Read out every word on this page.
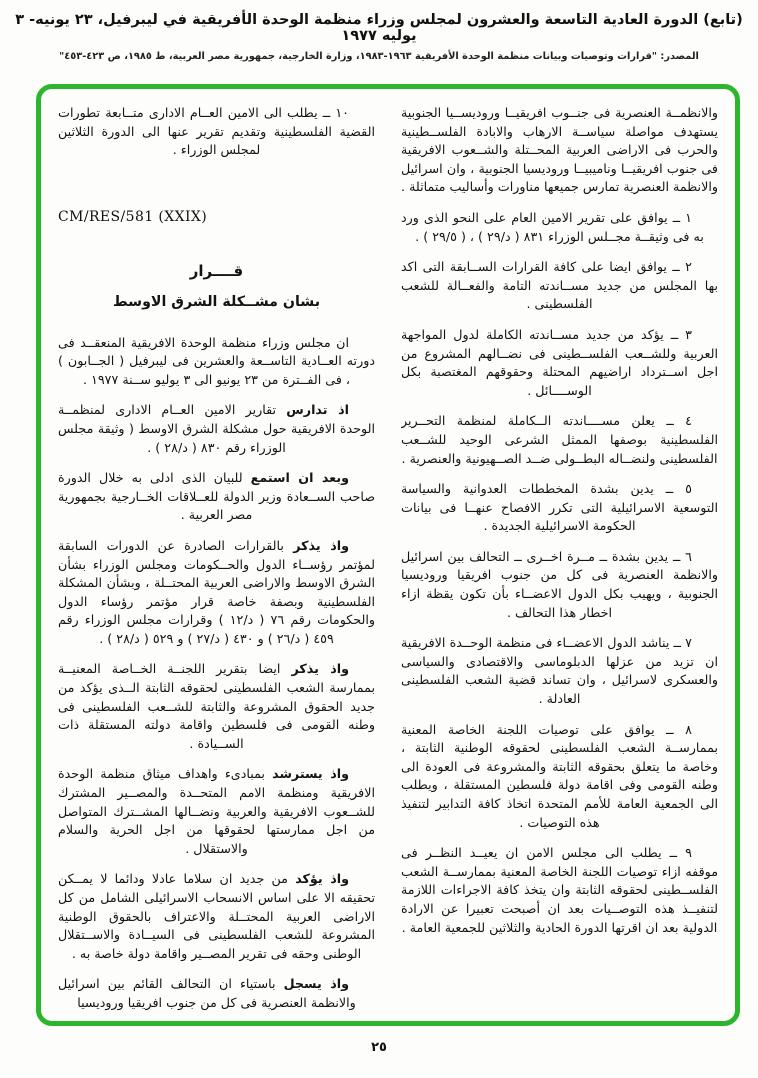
(تابع) الدورة العادية التاسعة والعشرون لمجلس وزراء منظمة الوحدة الأفريقية في ليبرفيل، ٢٣ يونيه- ٣ يوليه ١٩٧٧
المصدر: "قرارات وتوصيات وبيانات منظمة الوحدة الأفريقية ١٩٦٣-١٩٨٣، وزارة الخارجية، جمهورية مصر العربية، ط ١٩٨٥، ص ٤٢٣-٤٥٣"

والانظمــة العنصرية فى جنــوب افريقيــا وروديســيا الجنوبية يستهدف مواصلة سياســة الارهاب والابادة الفلســطينية والحرب فى الاراضى العربية المحــتلة والشــعوب الافريقية فى جنوب افريقيــا وناميبيــا وروديسيا الجنوبية ، وان اسرائيل والانظمة العنصرية تمارس جميعها مناورات وأساليب متماثلة .

١ ــ يوافق على تقرير الامين العام على النحو الذى ورد به فى وثيقــة مجــلس الوزراء ٨٣١ ( د/٢٩ ) ، ( ٢٩/٥ ) .

٢ ــ يوافق ايضا على كافة القرارات الســابقة التى اكد بها المجلس من جديد مســاندته التامة والفعــالة للشعب الفلسطينى .

٣ ــ يؤكد من جديد مســاندته الكاملة لدول المواجهة العربية وللشــعب الفلســطينى فى نضــالهم المشروع من اجل اســترداد اراضيهم المحتلة وحقوقهم المغتصبة بكل الوســــائل .

٤ ــ يعلن مســــاندته الــكاملة لمنظمة التحــرير الفلسطينية بوصفها الممثل الشرعى الوحيد للشــعب الفلسطينى ولنضــاله البطــولى ضــد الصــهيونية والعنصرية .

٥ ــ يدين بشدة المخططات العدوانية والسياسة التوسعية الاسرائيلية التى تكرر الافصاح عنهــا فى بيانات الحكومة الاسرائيلية الجديدة .

٦ ــ يدين بشدة ــ مــرة اخــرى ــ التحالف بين اسرائيل والانظمة العنصرية فى كل من جنوب افريقيا وروديسيا الجنوبية ، ويهيب بكل الدول الاعضــاء بأن تكون يقظة ازاء اخطار هذا التحالف .

٧ ــ يناشد الدول الاعضــاء فى منظمة الوحــدة الافريقية ان تزيد من عزلها الدبلوماسى والاقتصادى والسياسى والعسكرى لاسرائيل ، وان تساند قضية الشعب الفلسطينى العادلة .

٨ ــ يوافق على توصيات اللجنة الخاصة المعنية بممارســة الشعب الفلسطينى لحقوقه الوطنية الثابتة ، وخاصة ما يتعلق بحقوقه الثابتة والمشروعة فى العودة الى وطنه القومى وفى اقامة دولة فلسطين المستقلة ، ويطلب الى الجمعية العامة للأمم المتحدة اتخاذ كافة التدابير لتنفيذ هذه التوصيات .

٩ ــ يطلب الى مجلس الامن ان يعيــد النظــر فى موقفه ازاء توصيات اللجنة الخاصة المعنية بممارســة الشعب الفلســطينى لحقوقه الثابتة وان يتخذ كافة الاجراءات اللازمة لتنفيــذ هذه التوصــيات بعد ان أصبحت تعبيرا عن الارادة الدولية بعد ان اقرتها الدورة الحادية والثلاثين للجمعية العامة .

١٠ ــ يطلب الى الامين العــام الادارى متــابعة تطورات القضية الفلسطينية وتقديم تقرير عنها الى الدورة الثلاثين لمجلس الوزراء .

CM/RES/581 (XXIX)
قــــرار
بشان مشــكلة الشرق الاوسط

ان مجلس وزراء منظمة الوحدة الافريقية المنعقــد فى دورته العــادية التاســعة والعشرين فى ليبرفيل ( الجــابون ) ، فى الفــترة من ٢٣ يونيو الى ٣ يوليو ســنة ١٩٧٧ .

اذ تدارس تقارير الامين العــام الادارى لمنظمــة الوحدة الافريقية حول مشكلة الشرق الاوسط ( وثيقة مجلس الوزراء رقم ٨٣٠ ( د/٢٨ ) .

وبعد ان استمع للبيان الذى ادلى به خلال الدورة صاحب الســعادة وزير الدولة للعــلاقات الخــارجية بجمهورية مصر العربية .

واذ يذكر بالقرارات الصادرة عن الدورات السابقة لمؤتمر رؤســاء الدول والحــكومات ومجلس الوزراء بشأن الشرق الاوسط والاراضى العربية المحتــلة ، وبشأن المشكلة الفلسطينية وبصفة خاصة قرار مؤتمر رؤساء الدول والحكومات رقم ٧٦ ( د/١٢ ) وقرارات مجلس الوزراء رقم ٤٥٩ ( د/٢٦ ) و ٤٣٠ ( د/٢٧ ) و ٥٢٩ ( د/٢٨ ) .

واذ يذكر ايضا بتقرير اللجنــة الخــاصة المعنيــة بممارسة الشعب الفلسطينى لحقوقه الثابتة الــذى يؤكد من جديد الحقوق المشروعة والثابتة للشــعب الفلسطينى فى وطنه القومى فى فلسطين واقامة دولته المستقلة ذات الســيادة .

واذ يسترشد بمبادىء واهداف ميثاق منظمة الوحدة الافريقية ومنظمة الامم المتحــدة والمصــير المشترك للشــعوب الافريقية والعربية ونضــالها المشــترك المتواصل من اجل ممارستها لحقوقها من اجل الحرية والسلام والاستقلال .

واذ يؤكد من جديد ان سلاما عادلا ودائما لا يمــكن تحقيقه الا على اساس الانسحاب الاسرائيلى الشامل من كل الاراضى العربية المحتــلة والاعتراف بالحقوق الوطنية المشروعة للشعب الفلسطينى فى السيــادة والاســتقلال الوطنى وحقه فى تقرير المصــير واقامة دولة خاصة به .

واذ يسجل باستياء ان التحالف القائم بين اسرائيل والانظمة العنصرية فى كل من جنوب افريقيا وروديسيا

٢٥
